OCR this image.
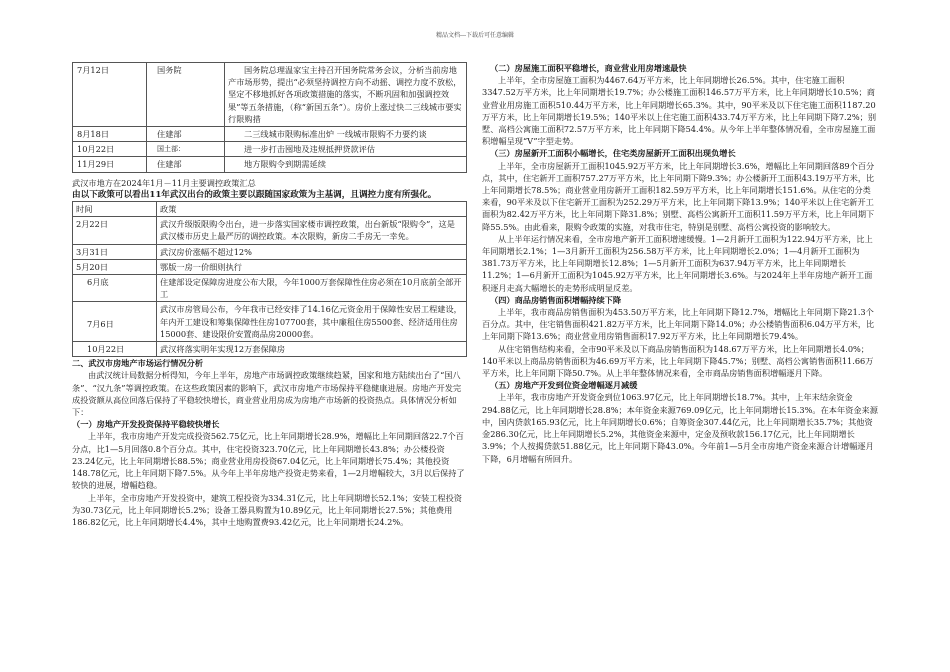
精品文档---下载后可任意编辑
7月12日	国务院	国务院总理温家宝主持召开国务院常务会议，分析当前房地产市场形势，提出“必须坚持调控方向不动摇、调控力度不放松，坚定不移地抓好各项政策措施的落实，不断巩固和加强调控效果”等五条措施，（称“新国五条”）。房价上涨过快二三线城市要实行限购措
8月18日	住建部	二三线城市限购标准出炉 一线城市限购不力要约谈
10月22日	国土部：	进一步打击囤地及违规抵押贷款评估
11月29日	住建部	地方限购令到期需延续

武汉市地方在2024年1月－11月主要调控政策汇总

由以下政策可以看出11年武汉出台的政策主要以跟随国家政策为主基调，且调控力度有所强化。

时间	政策
2月22日	武汉升级版限购令出台，进一步落实国家楼市调控政策，出台新版“限购令”，这是武汉楼市历史上最严厉的调控政策。本次限购，新房二手房无一幸免。
3月31日	武汉房价涨幅不超过12%
5月20日	鄂版一房一价细则执行
6月底	住建部设定保障房进度公布大限，今年1000万套保障性住房必须在10月底前全部开工
7月6日	武汉市房管局公布，今年我市已经安排了14.16亿元资金用于保障性安居工程建设，年内开工建设和筹集保障性住房107700套，其中廉租住房5500套、经济适用住房15000套、建设限价安置商品房20000套。
10月22日	武汉将落实明年实现12万套保障房

二、武汉市房地产市场运行情况分析

由武汉统计局数据分析得知，今年上半年，房地产市场调控政策继续趋紧，国家和地方陆续出台了“国八条”、“汉九条”等调控政策。在这些政策因素的影响下，武汉市房地产市场保持平稳健康进展。房地产开发完成投资额从高位回落后保持了平稳较快增长，商业营业用房成为房地产市场新的投资热点。具体情况分析如下：

（一）房地产开发投资保持平稳较快增长

上半年，我市房地产开发完成投资562.75亿元，比上年同期增长28.9%，增幅比上年同期回落22.7个百分点，比1—5月回落0.8个百分点。其中，住宅投资323.70亿元，比上年同期增长43.8%；办公楼投资23.24亿元，比上年同期增长88.5%；商业营业用房投资67.04亿元，比上年同期增长75.4%；其他投资148.78亿元，比上年同期下降7.5%。从今年上半年房地产投资走势来看，1—2月增幅较大，3月以后保持了较快的进展，增幅趋稳。

上半年，全市房地产开发投资中，建筑工程投资为334.31亿元，比上年同期增长52.1%；安装工程投资为30.73亿元，比上年同期增长5.2%；设备工器具购置为10.89亿元，比上年同期增长27.5%；其他费用186.82亿元，比上年同期增长4.4%，其中土地购置费93.42亿元，比上年同期增长24.2%。

（二）房屋施工面积平稳增长，商业营业用房增速最快

上半年，全市房屋施工面积为4467.64万平方米，比上年同期增长26.5%。其中，住宅施工面积3347.52万平方米，比上年同期增长19.7%；办公楼施工面积146.57万平方米，比上年同期增长10.5%；商业营业用房施工面积510.44万平方米，比上年同期增长65.3%。其中，90平米及以下住宅施工面积1187.20万平方米，比上年同期增长19.5%；140平米以上住宅施工面积433.74万平方米，比上年同期下降7.2%；别墅、高档公寓施工面积72.57万平方米，比上年同期下降54.4%。从今年上半年整体情况看，全市房屋施工面积增幅呈现“V”字型走势。

（三）房屋新开工面积小幅增长，住宅类房屋新开工面积出现负增长

上半年，全市房屋新开工面积1045.92万平方米，比上年同期增长3.6%，增幅比上年同期回落89个百分点，其中，住宅新开工面积757.27万平方米，比上年同期下降9.3%；办公楼新开工面积43.19万平方米，比上年同期增长78.5%；商业营业用房新开工面积182.59万平方米，比上年同期增长151.6%。从住宅的分类来看，90平米及以下住宅新开工面积为252.29万平方米，比上年同期下降13.9%；140平米以上住宅新开工面积为82.42万平方米，比上年同期下降31.8%；别墅、高档公寓新开工面积11.59万平方米，比上年同期下降55.5%。由此看来，限购令政策的实施，对我市住宅，特别是别墅、高档公寓投资的影响较大。

从上半年运行情况来看，全市房地产新开工面积增速缓慢。1—2月新开工面积为122.94万平方米，比上年同期增长2.1%；1—3月新开工面积为256.58万平方米，比上年同期增长2.0%；1—4月新开工面积为381.73万平方米，比上年同期增长12.8%；1—5月新开工面积为637.94万平方米，比上年同期增长11.2%；1—6月新开工面积为1045.92万平方米，比上年同期增长3.6%。与2024年上半年房地产新开工面积逐月走高大幅增长的走势形成明显反差。

（四）商品房销售面积增幅持续下降

上半年，我市商品房销售面积为453.50万平方米，比上年同期下降12.7%，增幅比上年同期下降21.3个百分点。其中，住宅销售面积421.82万平方米，比上年同期下降14.0%；办公楼销售面积6.04万平方米，比上年同期下降13.6%；商业营业用房销售面积17.92万平方米，比上年同期增长79.4%。

从住宅销售结构来看，全市90平米及以下商品房销售面积为148.67万平方米，比上年同期增长4.0%；140平米以上商品房销售面积为46.69万平方米，比上年同期下降45.7%；别墅、高档公寓销售面积11.66万平方米，比上年同期下降50.7%。从上半年整体情况来看，全市商品房销售面积增幅逐月下降。

（五）房地产开发到位资金增幅逐月减缓

上半年，我市房地产开发资金到位1063.97亿元，比上年同期增长18.7%。其中，上年末结余资金294.88亿元，比上年同期增长28.8%；本年资金来源769.09亿元，比上年同期增长15.3%。在本年资金来源中，国内贷款165.93亿元，比上年同期增长0.6%；自筹资金307.44亿元，比上年同期增长35.7%；其他资金286.30亿元，比上年同期增长5.2%，其他资金来源中，定金及预收款156.17亿元，比上年同期增长3.9%；个人按揭贷款51.88亿元，比上年同期下降43.0%。今年前1—5月全市房地产资金来源合计增幅逐月下降，6月增幅有所回升。
